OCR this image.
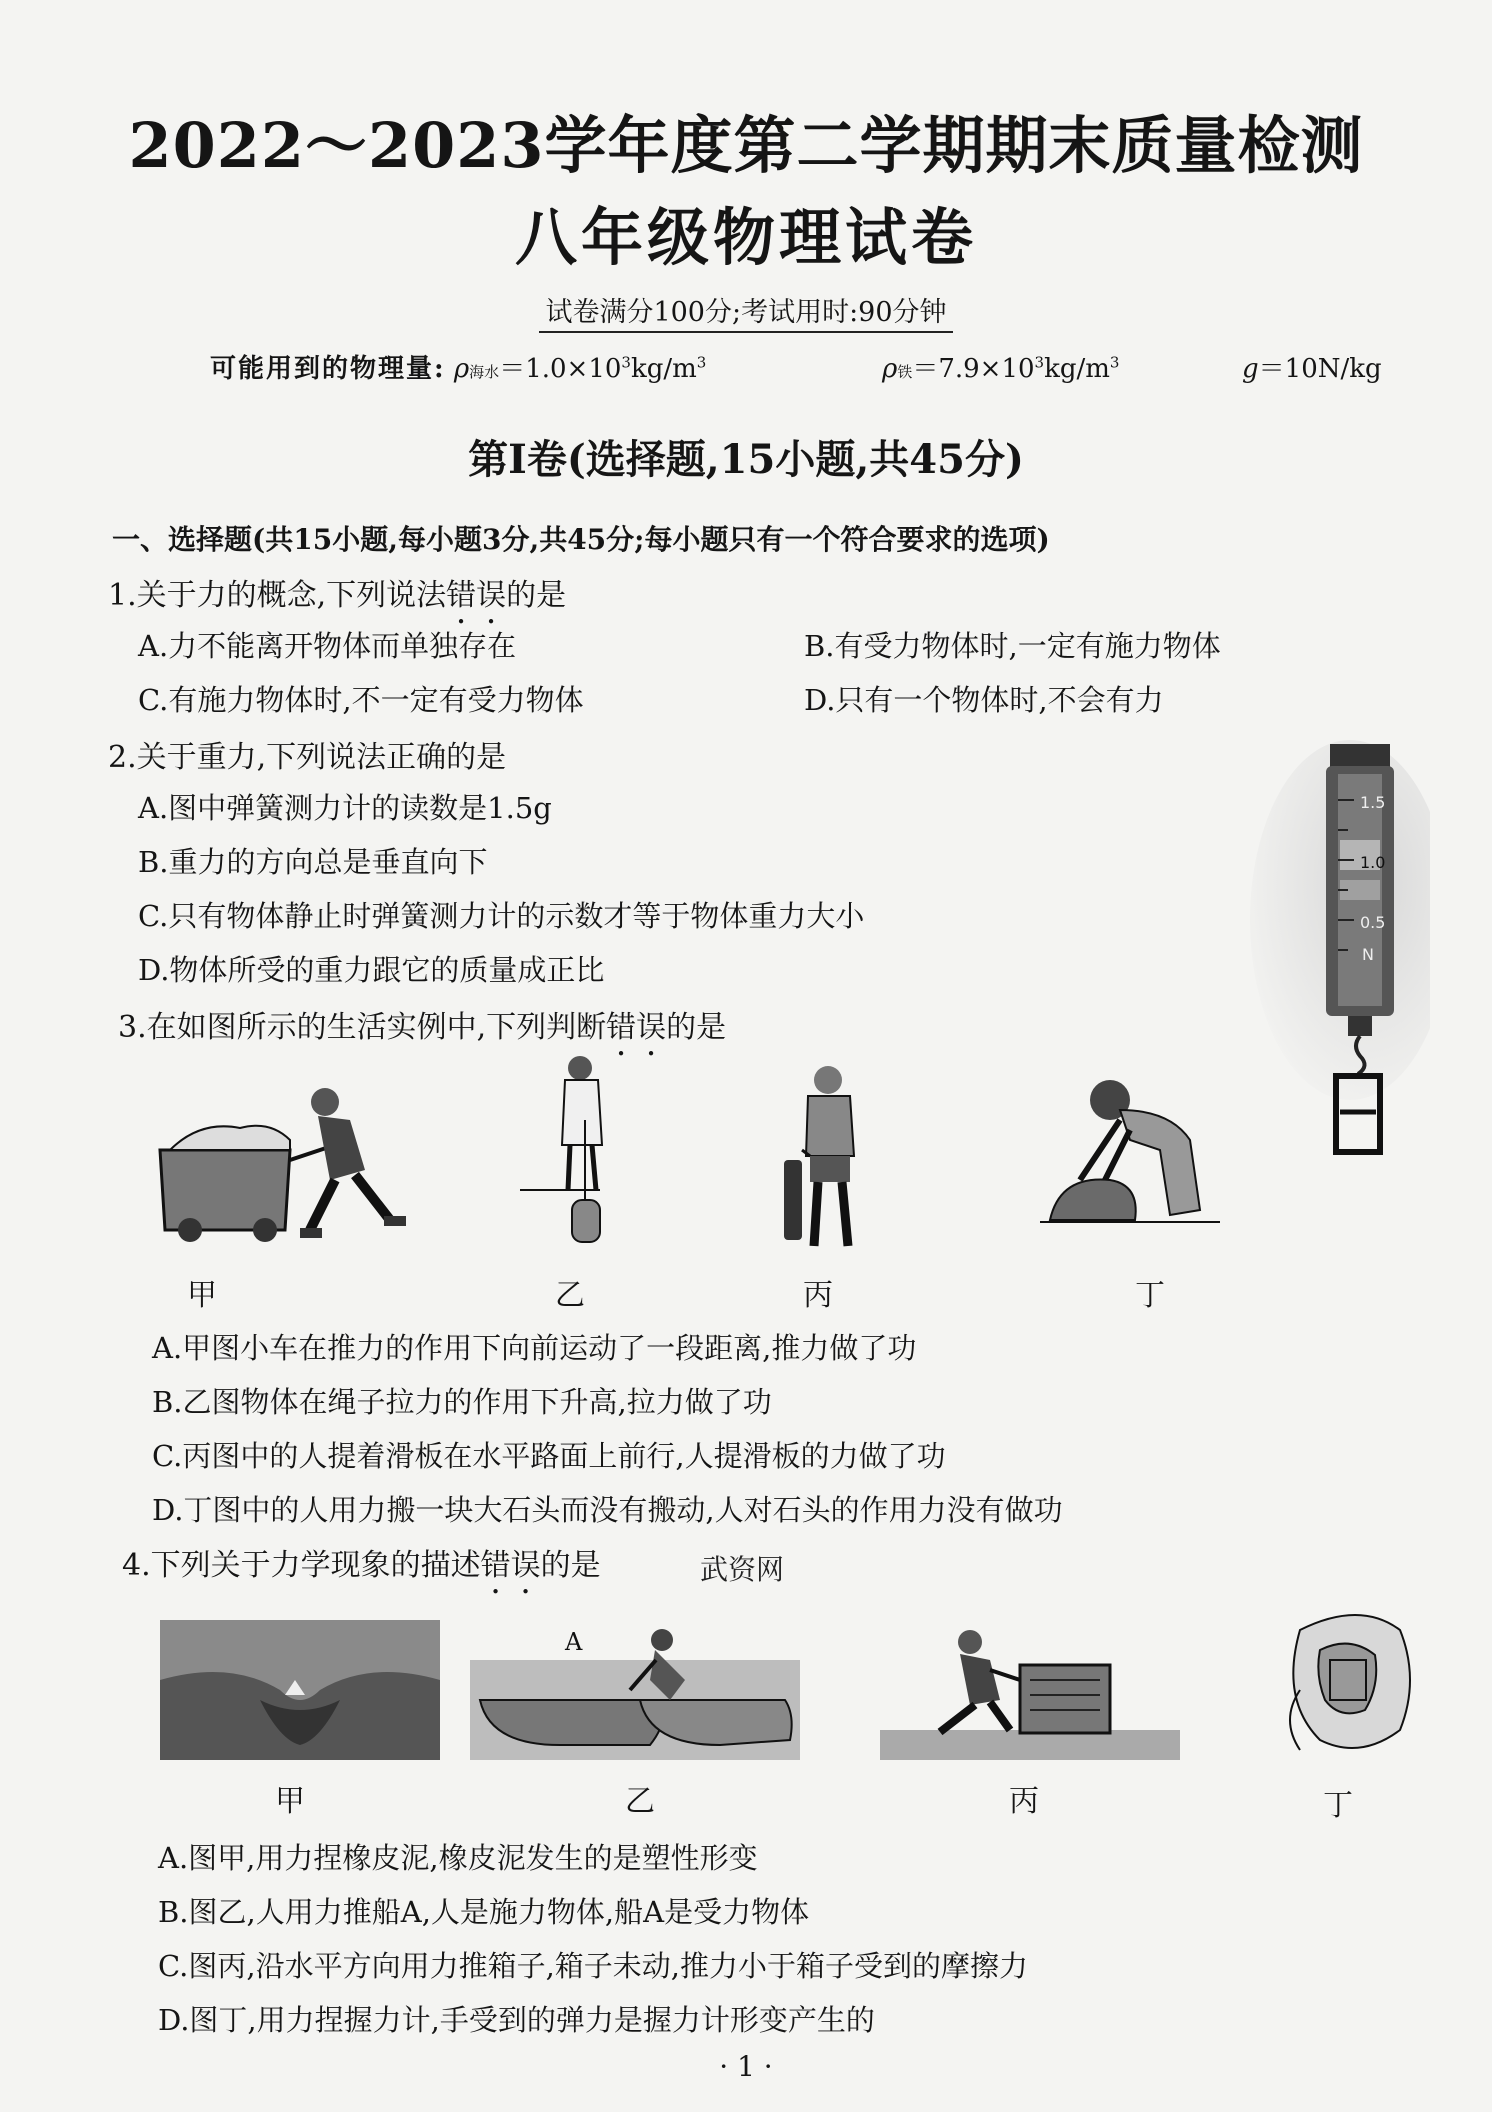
2022～2023学年度第二学期期末质量检测
八年级物理试卷
试卷满分100分;考试用时:90分钟
可能用到的物理量: ρ海水$=1.0\times 10^3kg/m^3$	ρ铁$=7.9\times 10^3kg/m^3$	g＝10N/kg
第Ⅰ卷(选择题,15小题,共45分)
一、选择题(共15小题,每小题3分,共45分;每小题只有一个符合要求的选项)
1.关于力的概念,下列说法错误的是
A.力不能离开物体而单独存在	B.有受力物体时,一定有施力物体
C.有施力物体时,不一定有受力物体	D.只有一个物体时,不会有力
2.关于重力,下列说法正确的是
A.图中弹簧测力计的读数是1.5g
B.重力的方向总是垂直向下
C.只有物体静止时弹簧测力计的示数才等于物体重力大小
D.物体所受的重力跟它的质量成正比
1.5
1.0
0.5
N
3.在如图所示的生活实例中,下列判断错误的是
甲	乙	丙	丁
A.甲图小车在推力的作用下向前运动了一段距离,推力做了功
B.乙图物体在绳子拉力的作用下升高,拉力做了功
C.丙图中的人提着滑板在水平路面上前行,人提滑板的力做了功
D.丁图中的人用力搬一块大石头而没有搬动,人对石头的作用力没有做功
4.下列关于力学现象的描述错误的是	武资网
A
甲	乙	丙	丁
A.图甲,用力捏橡皮泥,橡皮泥发生的是塑性形变
B.图乙,人用力推船A,人是施力物体,船A是受力物体
C.图丙,沿水平方向用力推箱子,箱子未动,推力小于箱子受到的摩擦力
D.图丁,用力捏握力计,手受到的弹力是握力计形变产生的
· 1 ·
